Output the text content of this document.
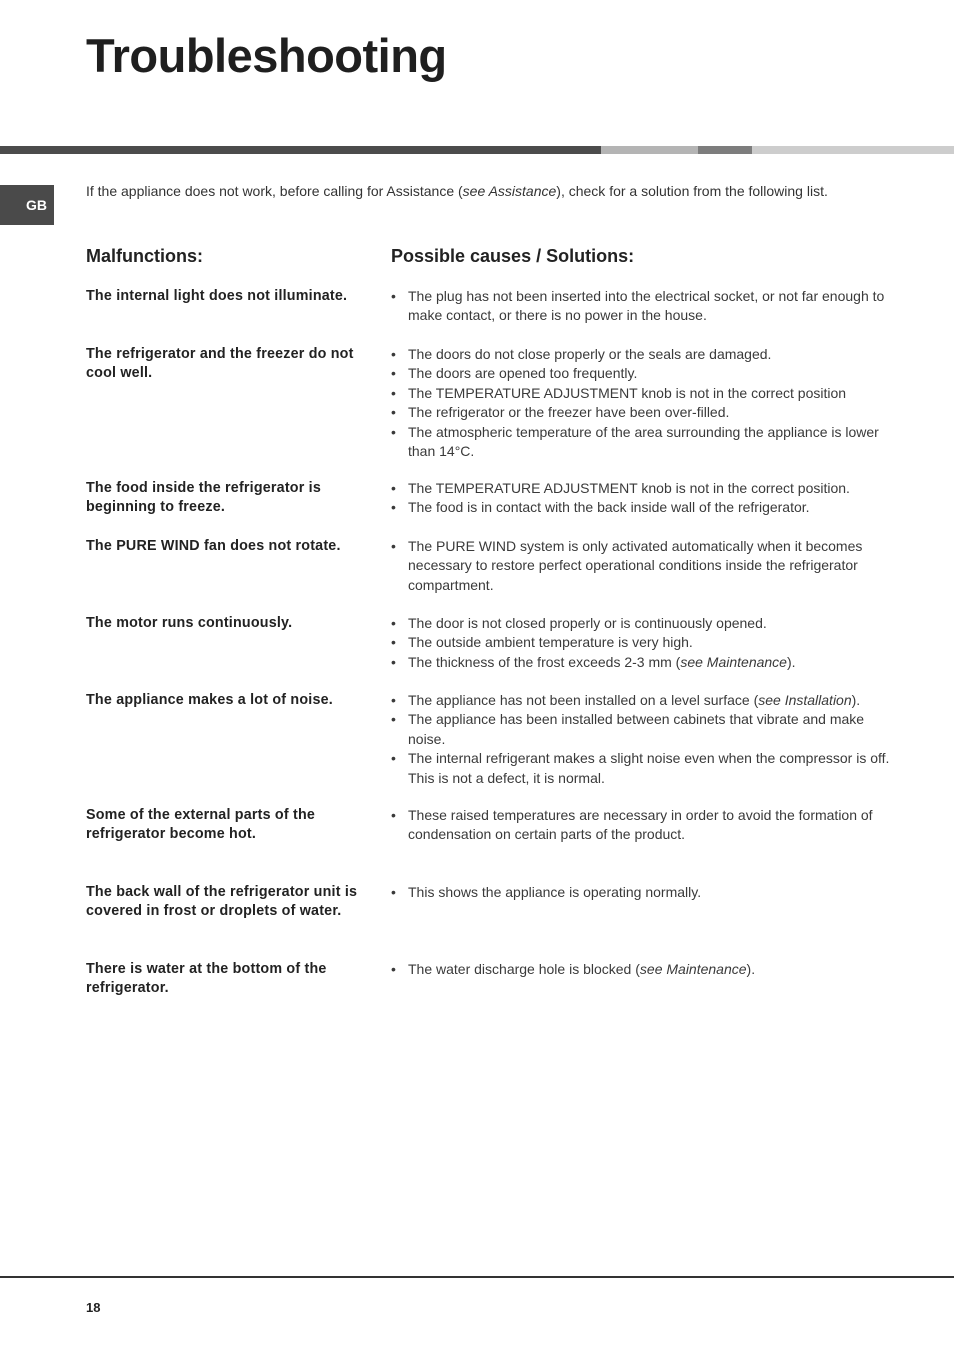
Troubleshooting
GB
If the appliance does not work, before calling for Assistance (see Assistance), check for a solution from the following list.
Malfunctions:	Possible causes / Solutions:
The internal light does not illuminate.	• The plug has not been inserted into the electrical socket, or not far enough to make contact, or there is no power in the house.
The refrigerator and the freezer do not cool well.
• The doors do not close properly or the seals are damaged.
• The doors are opened too frequently.
• The TEMPERATURE ADJUSTMENT knob is not in the correct position
• The refrigerator or the freezer have been over-filled.
• The atmospheric temperature of the area surrounding the appliance is lower than 14°C.
The food inside the refrigerator is beginning to freeze.
• The TEMPERATURE ADJUSTMENT knob is not in the correct position.
• The food is in contact with the back inside wall of the refrigerator.
The PURE WIND fan does not rotate.	• The PURE WIND system is only activated automatically when it becomes necessary to restore perfect operational conditions inside the refrigerator compartment.
The motor runs continuously.	• The door is not closed properly or is continuously opened.
• The outside ambient temperature is very high.
• The thickness of the frost exceeds 2-3 mm (see Maintenance).
The appliance makes a lot of noise.	• The appliance has not been installed on a level surface (see Installation).
• The appliance has been installed between cabinets that vibrate and make noise.
• The internal refrigerant makes a slight noise even when the compressor is off. This is not a defect, it is normal.
Some of the external parts of the refrigerator become hot.
• These raised temperatures are necessary in order to avoid the formation of condensation on certain parts of the product.
The back wall of the refrigerator unit is covered in frost or droplets of water.
• This shows the appliance is operating normally.
There is water at the bottom of the refrigerator.
• The water discharge hole is blocked (see Maintenance).
18
